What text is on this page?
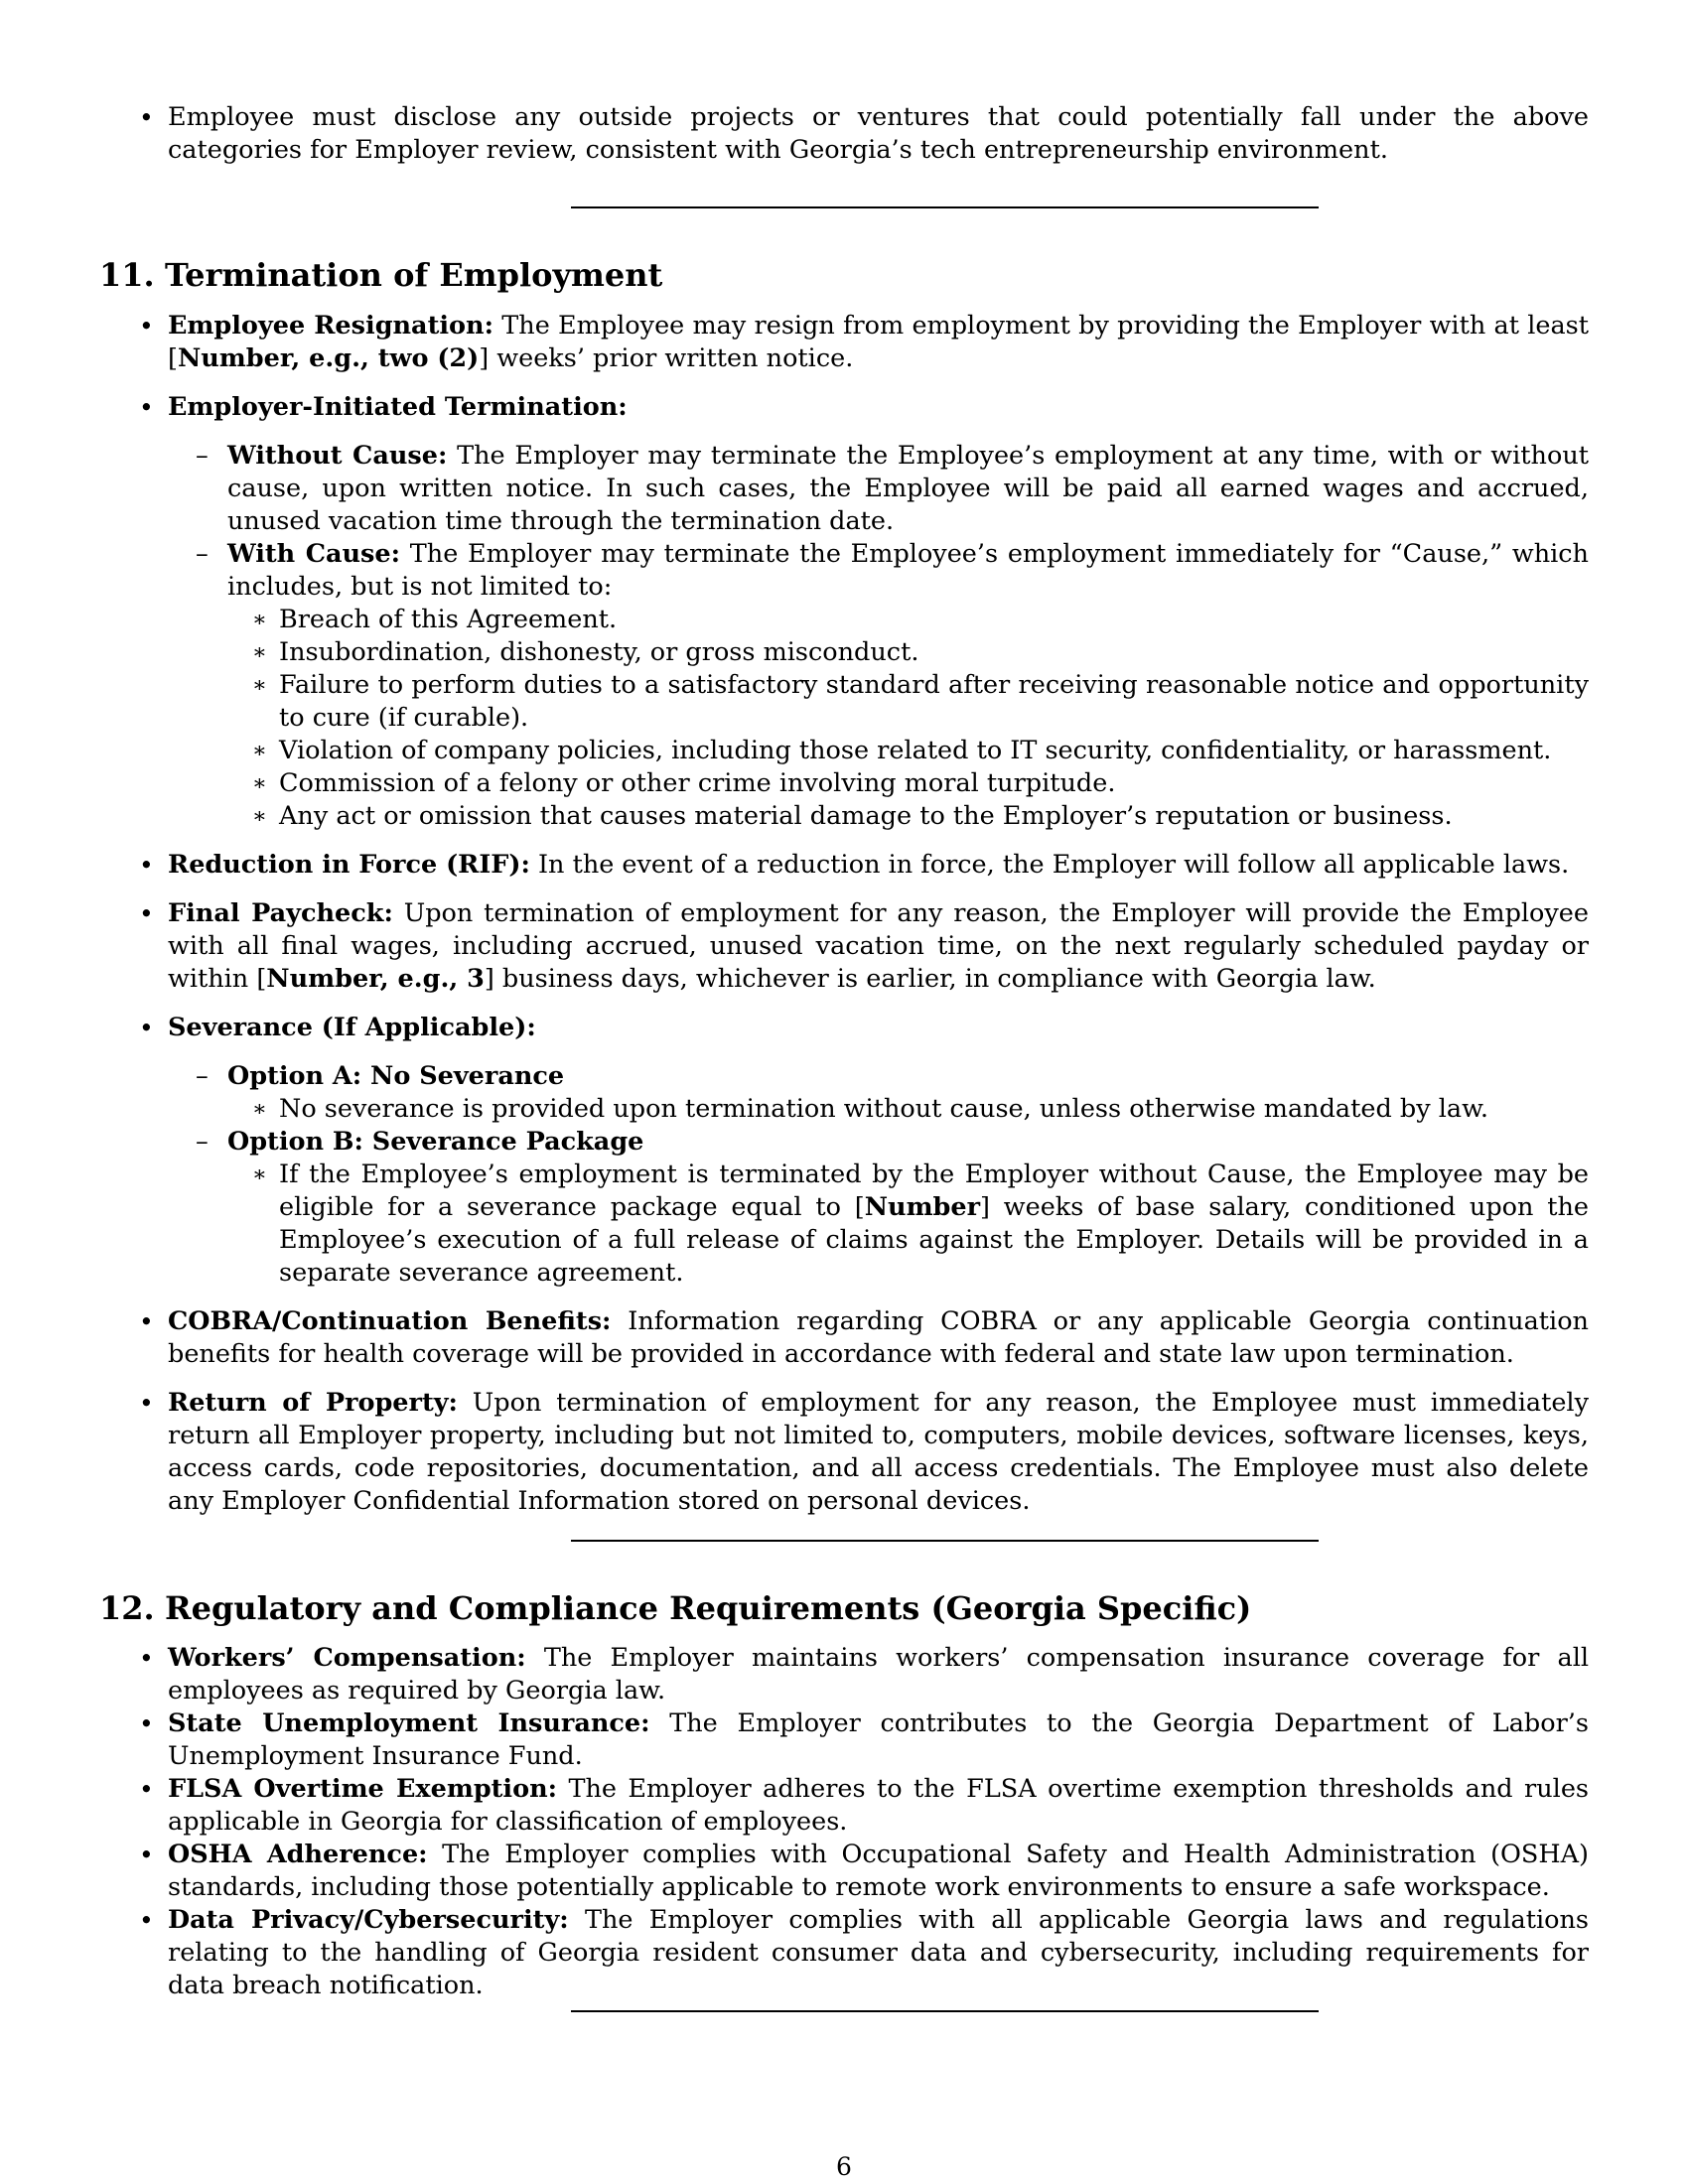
• Employee must disclose any outside projects or ventures that could potentially fall under the above categories for Employer review, consistent with Georgia’s tech entrepreneurship environment.

11. Termination of Employment
• Employee Resignation: The Employee may resign from employment by providing the Employer with at least [Number, e.g., two (2)] weeks’ prior written notice.

• Employer-Initiated Termination:

– Without Cause: The Employer may terminate the Employee’s employment at any time, with or without cause, upon written notice. In such cases, the Employee will be paid all earned wages and accrued, unused vacation time through the termination date.

– With Cause: The Employer may terminate the Employee’s employment immediately for “Cause,” which includes, but is not limited to:

∗ Breach of this Agreement.

∗ Insubordination, dishonesty, or gross misconduct.

∗ Failure to perform duties to a satisfactory standard after receiving reasonable notice and opportunity to cure (if curable).

∗ Violation of company policies, including those related to IT security, confidentiality, or harassment.

∗ Commission of a felony or other crime involving moral turpitude.

∗ Any act or omission that causes material damage to the Employer’s reputation or business.

• Reduction in Force (RIF): In the event of a reduction in force, the Employer will follow all applicable laws.

• Final Paycheck: Upon termination of employment for any reason, the Employer will provide the Employee with all final wages, including accrued, unused vacation time, on the next regularly scheduled payday or within [Number, e.g., 3] business days, whichever is earlier, in compliance with Georgia law.

• Severance (If Applicable):

– Option A: No Severance

∗ No severance is provided upon termination without cause, unless otherwise mandated by law.

– Option B: Severance Package

∗ If the Employee’s employment is terminated by the Employer without Cause, the Employee may be eligible for a severance package equal to [Number] weeks of base salary, conditioned upon the Employee’s execution of a full release of claims against the Employer. Details will be provided in a separate severance agreement.

• COBRA/Continuation Benefits: Information regarding COBRA or any applicable Georgia continuation benefits for health coverage will be provided in accordance with federal and state law upon termination.

• Return of Property: Upon termination of employment for any reason, the Employee must immediately return all Employer property, including but not limited to, computers, mobile devices, software licenses, keys, access cards, code repositories, documentation, and all access credentials. The Employee must also delete any Employer Confidential Information stored on personal devices.

12. Regulatory and Compliance Requirements (Georgia Specific)
• Workers’ Compensation: The Employer maintains workers’ compensation insurance coverage for all employees as required by Georgia law.

• State Unemployment Insurance: The Employer contributes to the Georgia Department of Labor’s Unemployment Insurance Fund.

• FLSA Overtime Exemption: The Employer adheres to the FLSA overtime exemption thresholds and rules applicable in Georgia for classification of employees.

• OSHA Adherence: The Employer complies with Occupational Safety and Health Administration (OSHA) standards, including those potentially applicable to remote work environments to ensure a safe workspace.

• Data Privacy/Cybersecurity: The Employer complies with all applicable Georgia laws and regulations relating to the handling of Georgia resident consumer data and cybersecurity, including requirements for data breach notification.

6
